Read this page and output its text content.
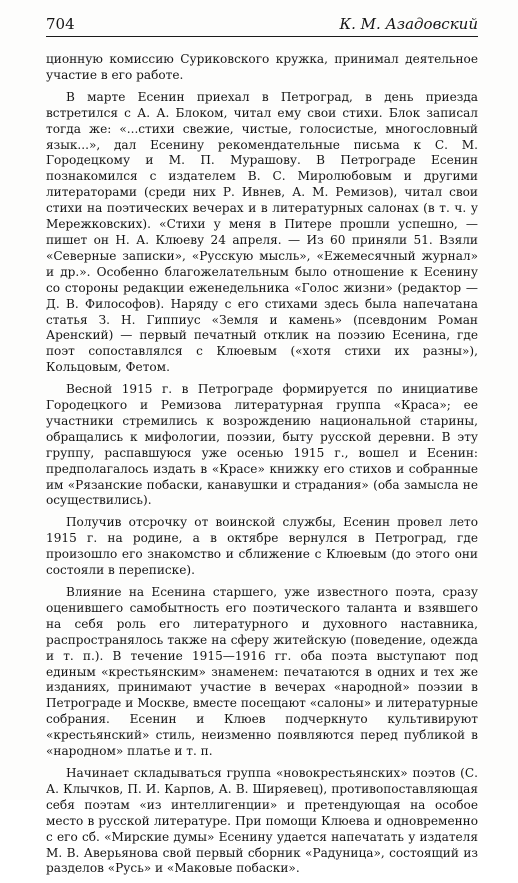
704	К. М. Азадовский

ционную комиссию Суриковского кружка, принимал деятельное участие в его работе.

В марте Есенин приехал в Петроград, в день приезда встретился с А. А. Блоком, читал ему свои стихи. Блок записал тогда же: «...стихи свежие, чистые, голосистые, многословный язык...», дал Есенину рекомендательные письма к С. М. Городецкому и М. П. Мурашову. В Петрограде Есенин познакомился с издателем В. С. Миролюбовым и другими литераторами (среди них Р. Ивнев, А. М. Ремизов), читал свои стихи на поэтических вечерах и в литературных салонах (в т. ч. у Мережковских). «Стихи у меня в Питере прошли успешно, — пишет он Н. А. Клюеву 24 апреля. — Из 60 приняли 51. Взяли «Северные записки», «Русскую мысль», «Ежемесячный журнал» и др.». Особенно благожелательным было отношение к Есенину со стороны редакции еженедельника «Голос жизни» (редактор — Д. В. Философов). Наряду с его стихами здесь была напечатана статья З. Н. Гиппиус «Земля и камень» (псевдоним Роман Аренский) — первый печатный отклик на поэзию Есенина, где поэт сопоставлялся с Клюевым («хотя стихи их разны»), Кольцовым, Фетом.

Весной 1915 г. в Петрограде формируется по инициативе Городецкого и Ремизова литературная группа «Краса»; ее участники стремились к возрождению национальной старины, обращались к мифологии, поэзии, быту русской деревни. В эту группу, распавшуюся уже осенью 1915 г., вошел и Есенин: предполагалось издать в «Красе» книжку его стихов и собранные им «Рязанские побаски, канавушки и страдания» (оба замысла не осуществились).

Получив отсрочку от воинской службы, Есенин провел лето 1915 г. на родине, а в октябре вернулся в Петроград, где произошло его знакомство и сближение с Клюевым (до этого они состояли в переписке).

Влияние на Есенина старшего, уже известного поэта, сразу оценившего самобытность его поэтического таланта и взявшего на себя роль его литературного и духовного наставника, распространялось также на сферу житейскую (поведение, одежда и т. п.). В течение 1915—1916 гг. оба поэта выступают под единым «крестьянским» знаменем: печатаются в одних и тех же изданиях, принимают участие в вечерах «народной» поэзии в Петрограде и Москве, вместе посещают «салоны» и литературные собрания. Есенин и Клюев подчеркнуто культивируют «крестьянский» стиль, неизменно появляются перед публикой в «народном» платье и т. п.

Начинает складываться группа «новокрестьянских» поэтов (С. А. Клычков, П. И. Карпов, А. В. Ширяевец), противопоставляющая себя поэтам «из интеллигенции» и претендующая на особое место в русской литературе. При помощи Клюева и одновременно с его сб. «Мирские думы» Есенину удается напечатать у издателя М. В. Аверьянова свой первый сборник «Радуница», состоящий из разделов «Русь» и «Маковые побаски».
